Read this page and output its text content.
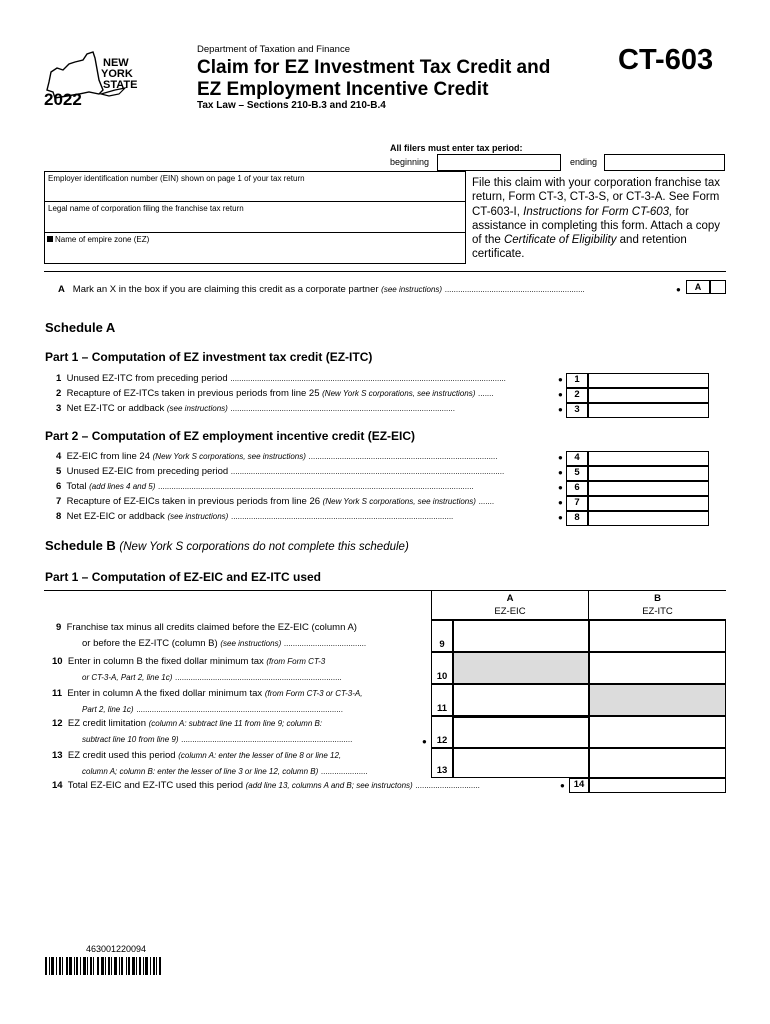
NEW
YORK
STATE
2022
Department of Taxation and Finance
Claim for EZ Investment Tax Credit and
EZ Employment Incentive Credit
Tax Law – Sections 210-B.3 and 210-B.4
CT-603
All filers must enter tax period:
beginning	ending
Employer identification number (EIN) shown on page 1 of your tax return
Legal name of corporation filing the franchise tax return
Name of empire zone (EZ)
File this claim with your corporation franchise tax return, Form CT-3, CT-3-S, or CT-3-A. See Form CT-603-I, Instructions for Form CT-603, for assistance in completing this form. Attach a copy of the Certificate of Eligibility and retention certificate.
A Mark an X in the box if you are claiming this credit as a corporate partner (see instructions) ...............................................................	●	A
Schedule A
Part 1 – Computation of EZ investment tax credit (EZ-ITC)
1 Unused EZ-ITC from preceding period ............................................................................................................................	●	1
2 Recapture of EZ-ITCs taken in previous periods from line 25 (New York S corporations, see instructions) .......	●	2
3 Net EZ-ITC or addback (see instructions) .....................................................................................................	●	3
Part 2 – Computation of EZ employment incentive credit (EZ-EIC)
4 EZ-EIC from line 24 (New York S corporations, see instructions) .....................................................................................	●	4
5 Unused EZ-EIC from preceding period ...........................................................................................................................	●	5
6 Total (add lines 4 and 5) ..............................................................................................................................................	●	6
7 Recapture of EZ-EICs taken in previous periods from line 26 (New York S corporations, see instructions) .......	●	7
8 Net EZ-EIC or addback (see instructions) ....................................................................................................	●	8
Schedule B (New York S corporations do not complete this schedule)
Part 1 – Computation of EZ-EIC and EZ-ITC used
A
EZ-EIC
B
EZ-ITC
9 Franchise tax minus all credits claimed before the EZ-EIC (column A)
or before the EZ-ITC (column B) (see instructions) .....................................	9
10 Enter in column B the fixed dollar minimum tax (from Form CT-3
or CT-3-A, Part 2, line 1c) ...........................................................................	10
11 Enter in column A the fixed dollar minimum tax (from Form CT-3 or CT-3-A,
Part 2, line 1c) .............................................................................................	11
12 EZ credit limitation (column A: subtract line 11 from line 9; column B:
subtract line 10 from line 9) .............................................................................	●	12
13 EZ credit used this period (column A: enter the lesser of line 8 or line 12,
column A; column B: enter the lesser of line 3 or line 12, column B) .....................	13
14 Total EZ-EIC and EZ-ITC used this period (add line 13, columns A and B; see instructons) .............................	● 14
463001220094
